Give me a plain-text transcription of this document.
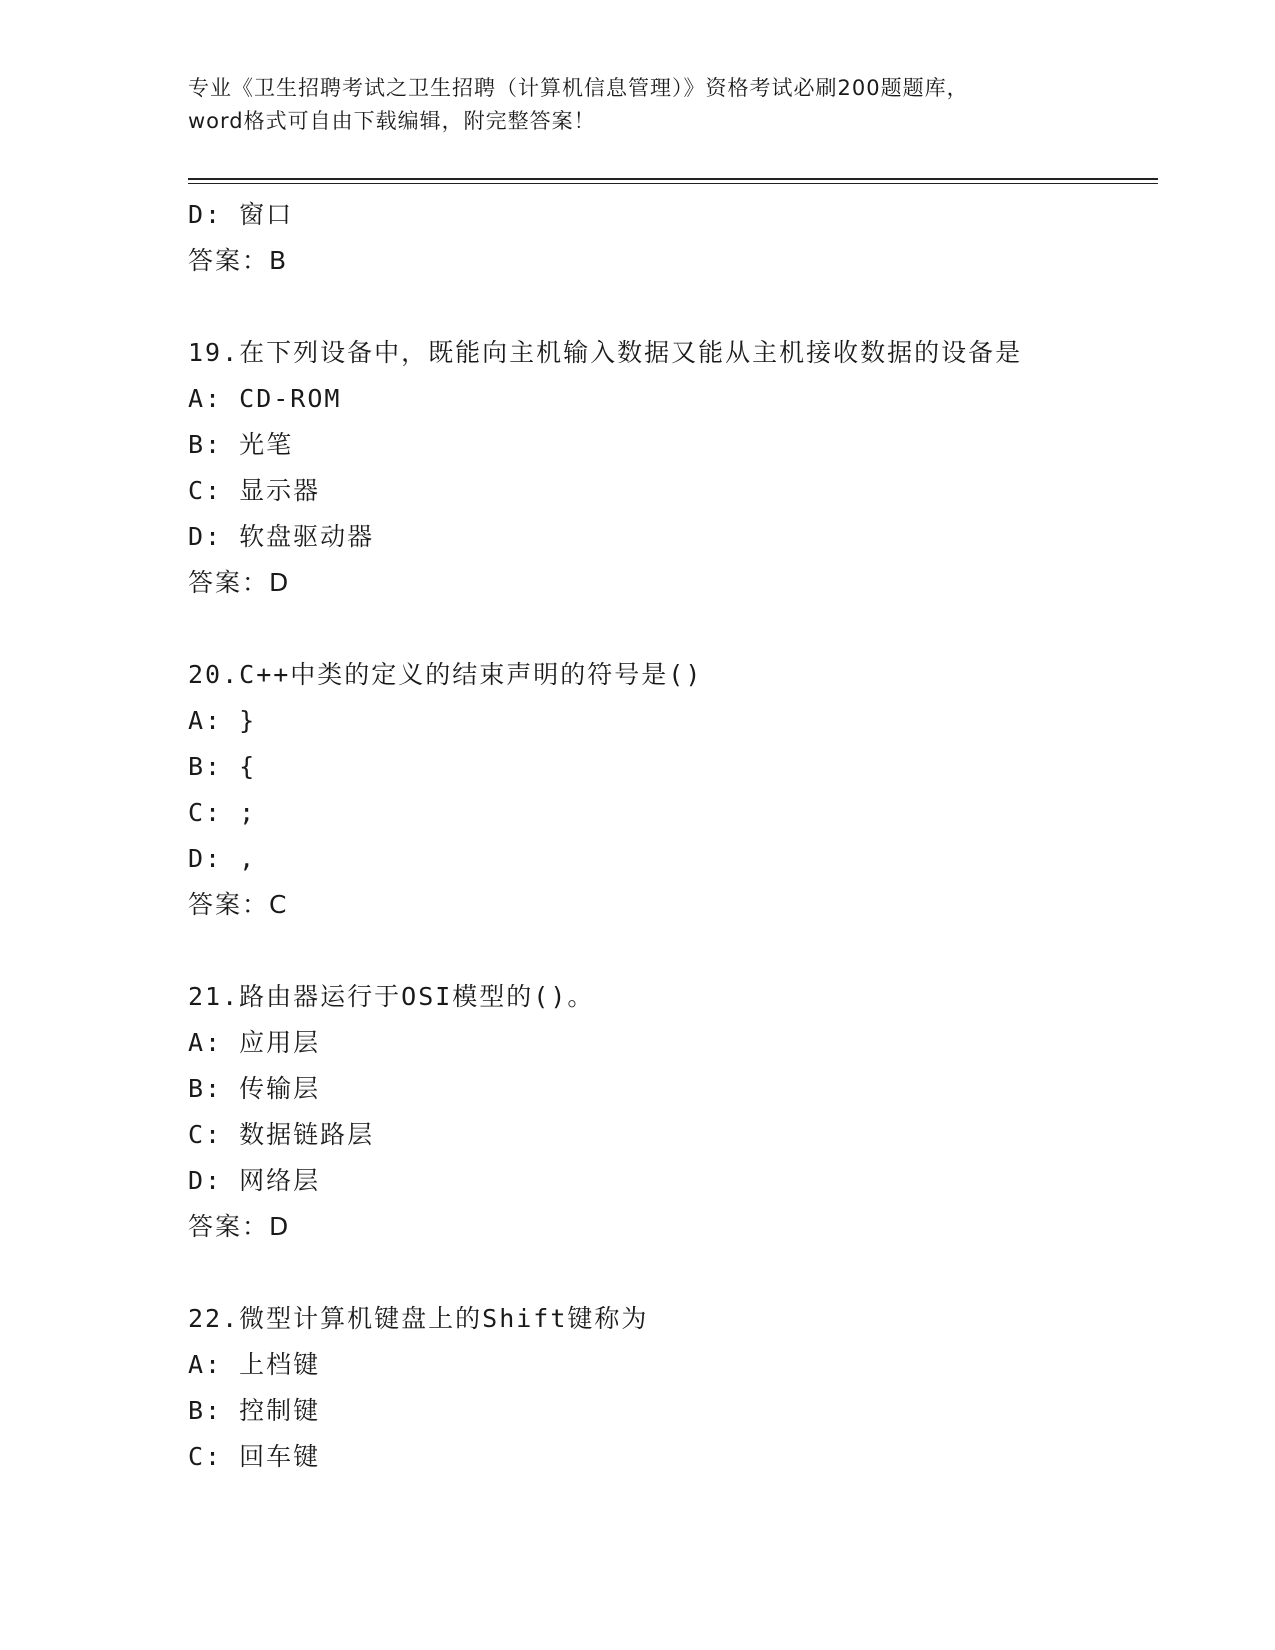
专业《卫生招聘考试之卫生招聘（计算机信息管理）》资格考试必刷200题题库，
word格式可自由下载编辑，附完整答案！
D: 窗口
答案：B
19.在下列设备中，既能向主机输入数据又能从主机接收数据的设备是
A: CD-ROM
B: 光笔
C: 显示器
D: 软盘驱动器
答案：D
20.C++中类的定义的结束声明的符号是()
A: }
B: {
C: ;
D: ,
答案：C
21.路由器运行于OSI模型的()。
A: 应用层
B: 传输层
C: 数据链路层
D: 网络层
答案：D
22.微型计算机键盘上的Shift键称为
A: 上档键
B: 控制键
C: 回车键
